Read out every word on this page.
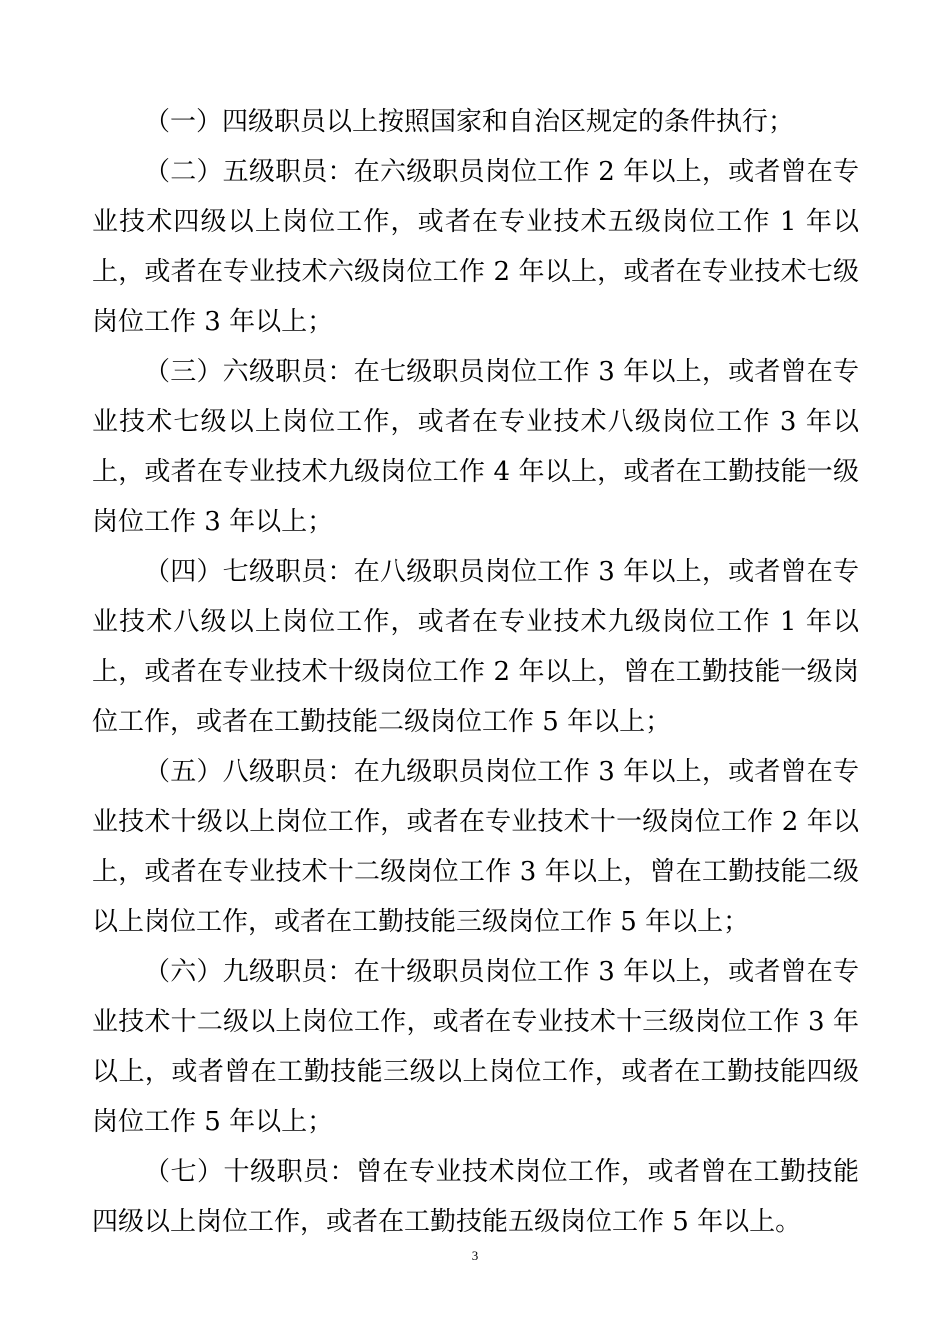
（一）四级职员以上按照国家和自治区规定的条件执行；

（二）五级职员：在六级职员岗位工作 2 年以上，或者曾在专业技术四级以上岗位工作，或者在专业技术五级岗位工作 1 年以上，或者在专业技术六级岗位工作 2 年以上，或者在专业技术七级岗位工作 3 年以上；

（三）六级职员：在七级职员岗位工作 3 年以上，或者曾在专业技术七级以上岗位工作，或者在专业技术八级岗位工作 3 年以上，或者在专业技术九级岗位工作 4 年以上，或者在工勤技能一级岗位工作 3 年以上；

（四）七级职员：在八级职员岗位工作 3 年以上，或者曾在专业技术八级以上岗位工作，或者在专业技术九级岗位工作 1 年以上，或者在专业技术十级岗位工作 2 年以上，曾在工勤技能一级岗位工作，或者在工勤技能二级岗位工作 5 年以上；

（五）八级职员：在九级职员岗位工作 3 年以上，或者曾在专业技术十级以上岗位工作，或者在专业技术十一级岗位工作 2 年以上，或者在专业技术十二级岗位工作 3 年以上，曾在工勤技能二级以上岗位工作，或者在工勤技能三级岗位工作 5 年以上；

（六）九级职员：在十级职员岗位工作 3 年以上，或者曾在专业技术十二级以上岗位工作，或者在专业技术十三级岗位工作 3 年以上，或者曾在工勤技能三级以上岗位工作，或者在工勤技能四级岗位工作 5 年以上；

（七）十级职员：曾在专业技术岗位工作，或者曾在工勤技能四级以上岗位工作，或者在工勤技能五级岗位工作 5 年以上。

3
